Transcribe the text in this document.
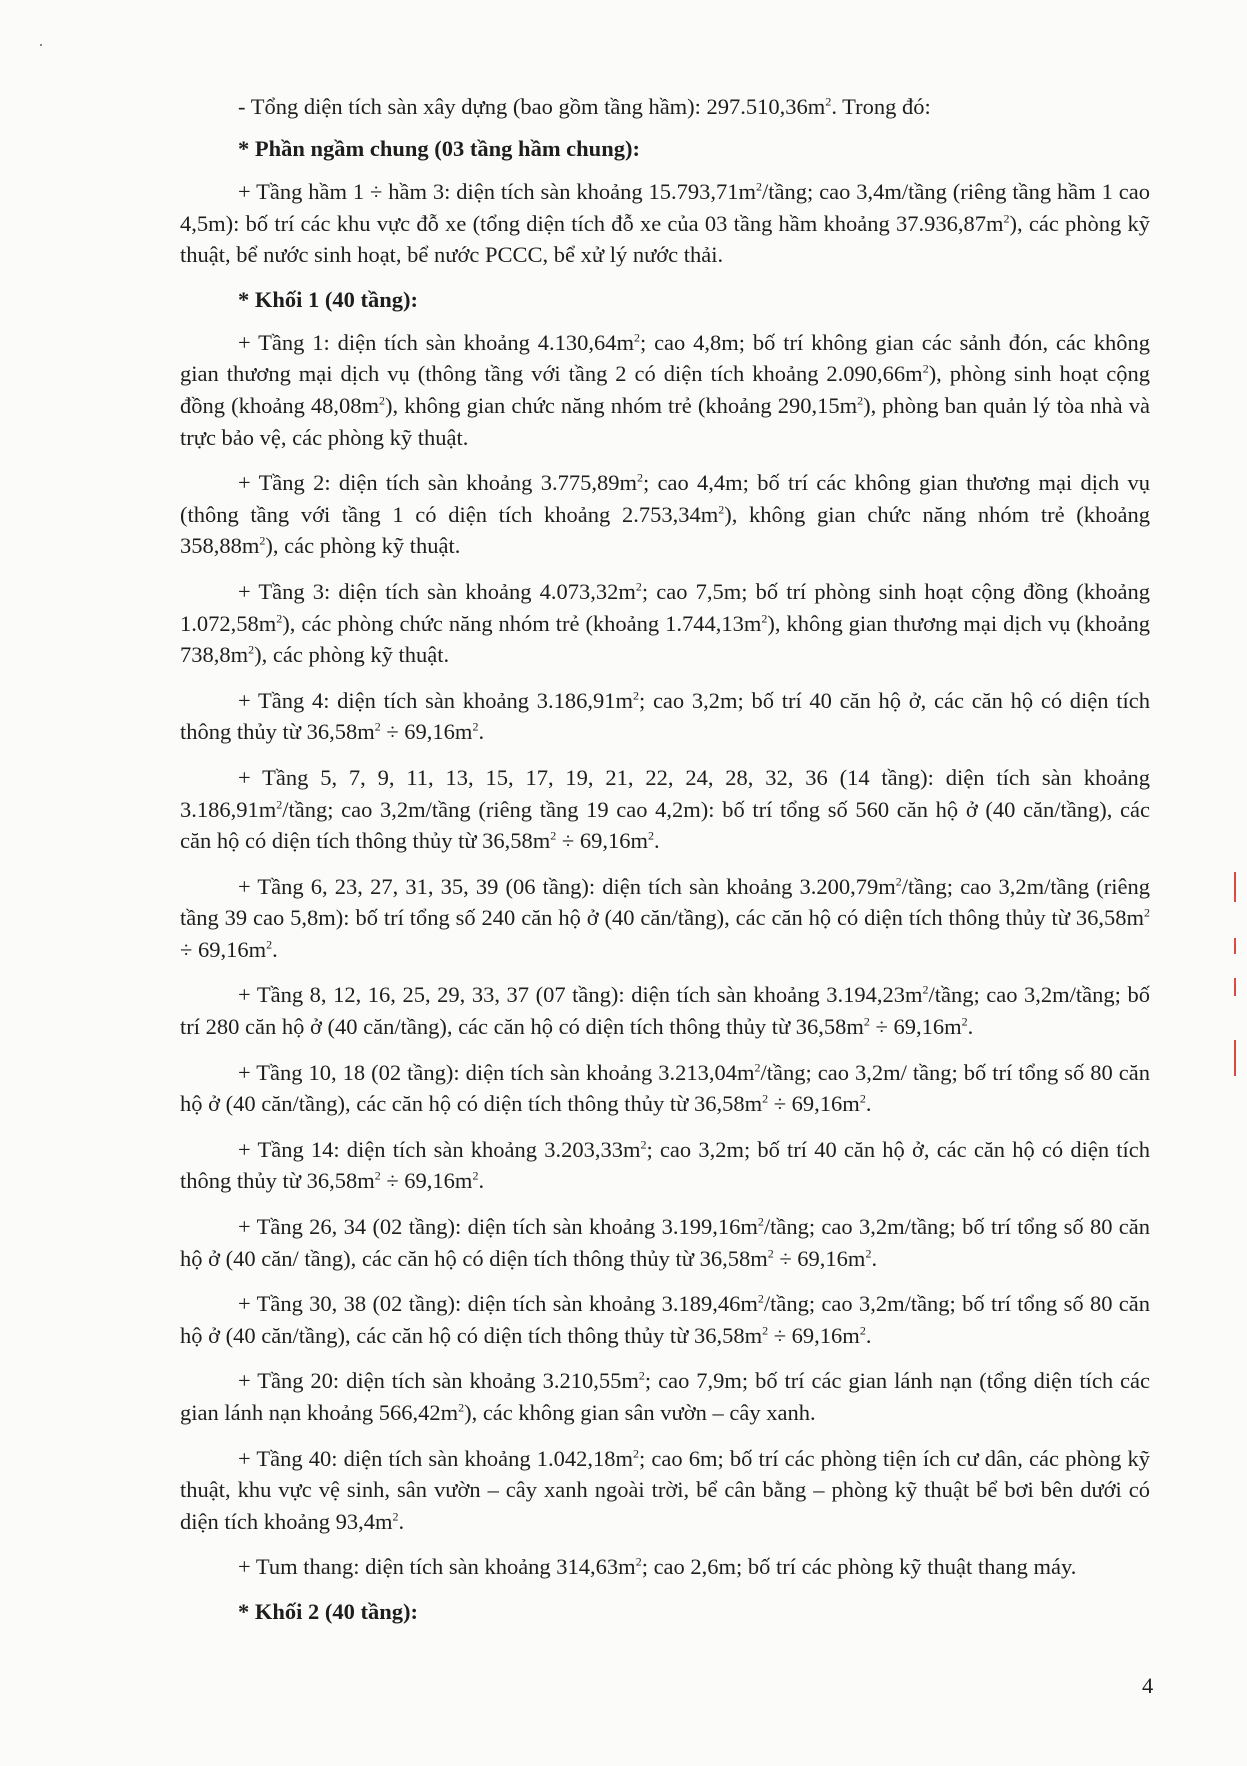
- Tổng diện tích sàn xây dựng (bao gồm tầng hầm): $297.510,36m^2$. Trong đó:

* Phần ngầm chung (03 tầng hầm chung):

+ Tầng hầm 1 ÷ hầm 3: diện tích sàn khoảng $15.793,71m^2$/tầng; cao 3,4m/tầng (riêng tầng hầm 1 cao 4,5m): bố trí các khu vực đỗ xe (tổng diện tích đỗ xe của 03 tầng hầm khoảng $37.936,87m^2$), các phòng kỹ thuật, bể nước sinh hoạt, bể nước PCCC, bể xử lý nước thải.

* Khối 1 (40 tầng):

+ Tầng 1: diện tích sàn khoảng $4.130,64m^2$; cao 4,8m; bố trí không gian các sảnh đón, các không gian thương mại dịch vụ (thông tầng với tầng 2 có diện tích khoảng $2.090,66m^2$), phòng sinh hoạt cộng đồng (khoảng $48,08m^2$), không gian chức năng nhóm trẻ (khoảng $290,15m^2$), phòng ban quản lý tòa nhà và trực bảo vệ, các phòng kỹ thuật.

+ Tầng 2: diện tích sàn khoảng $3.775,89m^2$; cao 4,4m; bố trí các không gian thương mại dịch vụ (thông tầng với tầng 1 có diện tích khoảng $2.753,34m^2$), không gian chức năng nhóm trẻ (khoảng $358,88m^2$), các phòng kỹ thuật.

+ Tầng 3: diện tích sàn khoảng $4.073,32m^2$; cao 7,5m; bố trí phòng sinh hoạt cộng đồng (khoảng $1.072,58m^2$), các phòng chức năng nhóm trẻ (khoảng $1.744,13m^2$), không gian thương mại dịch vụ (khoảng $738,8m^2$), các phòng kỹ thuật.

+ Tầng 4: diện tích sàn khoảng $3.186,91m^2$; cao 3,2m; bố trí 40 căn hộ ở, các căn hộ có diện tích thông thủy từ $36,58m^2 \div 69,16m^2$.

+ Tầng 5, 7, 9, 11, 13, 15, 17, 19, 21, 22, 24, 28, 32, 36 (14 tầng): diện tích sàn khoảng $3.186,91m^2$/tầng; cao 3,2m/tầng (riêng tầng 19 cao 4,2m): bố trí tổng số 560 căn hộ ở (40 căn/tầng), các căn hộ có diện tích thông thủy từ $36,58m^2 \div 69,16m^2$.

+ Tầng 6, 23, 27, 31, 35, 39 (06 tầng): diện tích sàn khoảng $3.200,79m^2$/tầng; cao 3,2m/tầng (riêng tầng 39 cao 5,8m): bố trí tổng số 240 căn hộ ở (40 căn/tầng), các căn hộ có diện tích thông thủy từ $36,58m^2 \div 69,16m^2$.

+ Tầng 8, 12, 16, 25, 29, 33, 37 (07 tầng): diện tích sàn khoảng $3.194,23m^2$/tầng; cao 3,2m/tầng; bố trí 280 căn hộ ở (40 căn/tầng), các căn hộ có diện tích thông thủy từ $36,58m^2 \div 69,16m^2$.

+ Tầng 10, 18 (02 tầng): diện tích sàn khoảng $3.213,04m^2$/tầng; cao 3,2m/ tầng; bố trí tổng số 80 căn hộ ở (40 căn/tầng), các căn hộ có diện tích thông thủy từ $36,58m^2 \div 69,16m^2$.

+ Tầng 14: diện tích sàn khoảng $3.203,33m^2$; cao 3,2m; bố trí 40 căn hộ ở, các căn hộ có diện tích thông thủy từ $36,58m^2 \div 69,16m^2$.

+ Tầng 26, 34 (02 tầng): diện tích sàn khoảng $3.199,16m^2$/tầng; cao 3,2m/tầng; bố trí tổng số 80 căn hộ ở (40 căn/ tầng), các căn hộ có diện tích thông thủy từ $36,58m^2 \div 69,16m^2$.

+ Tầng 30, 38 (02 tầng): diện tích sàn khoảng $3.189,46m^2$/tầng; cao 3,2m/tầng; bố trí tổng số 80 căn hộ ở (40 căn/tầng), các căn hộ có diện tích thông thủy từ $36,58m^2 \div 69,16m^2$.

+ Tầng 20: diện tích sàn khoảng $3.210,55m^2$; cao 7,9m; bố trí các gian lánh nạn (tổng diện tích các gian lánh nạn khoảng $566,42m^2$), các không gian sân vườn – cây xanh.

+ Tầng 40: diện tích sàn khoảng $1.042,18m^2$; cao 6m; bố trí các phòng tiện ích cư dân, các phòng kỹ thuật, khu vực vệ sinh, sân vườn – cây xanh ngoài trời, bể cân bằng – phòng kỹ thuật bể bơi bên dưới có diện tích khoảng $93,4m^2$.

+ Tum thang: diện tích sàn khoảng $314,63m^2$; cao 2,6m; bố trí các phòng kỹ thuật thang máy.

* Khối 2 (40 tầng):

4
